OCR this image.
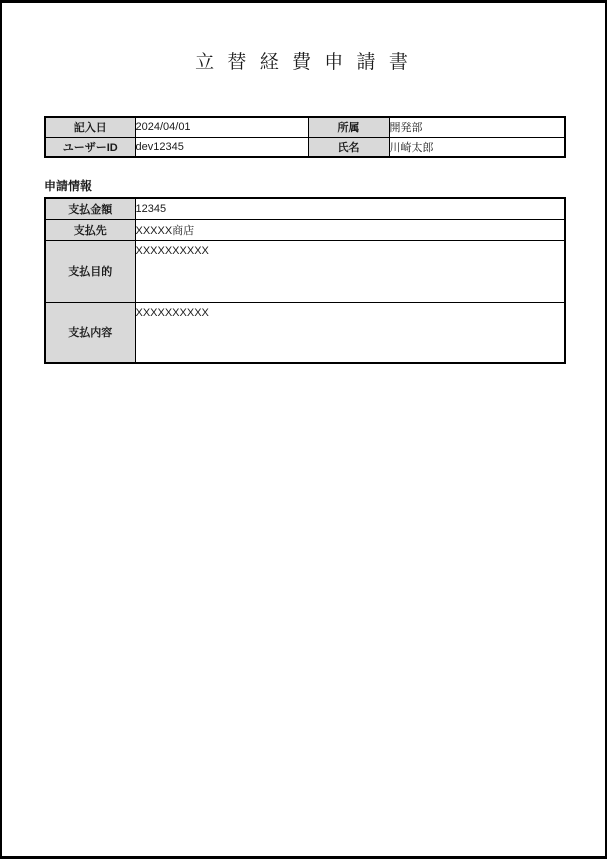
立 替 経 費 申 請 書
記入日	2024/04/01	所属	開発部
ユーザーID	dev12345	氏名	川崎太郎
申請情報
支払金額	12345
支払先	XXXXX商店
支払目的	XXXXXXXXXX
支払内容	XXXXXXXXXX
